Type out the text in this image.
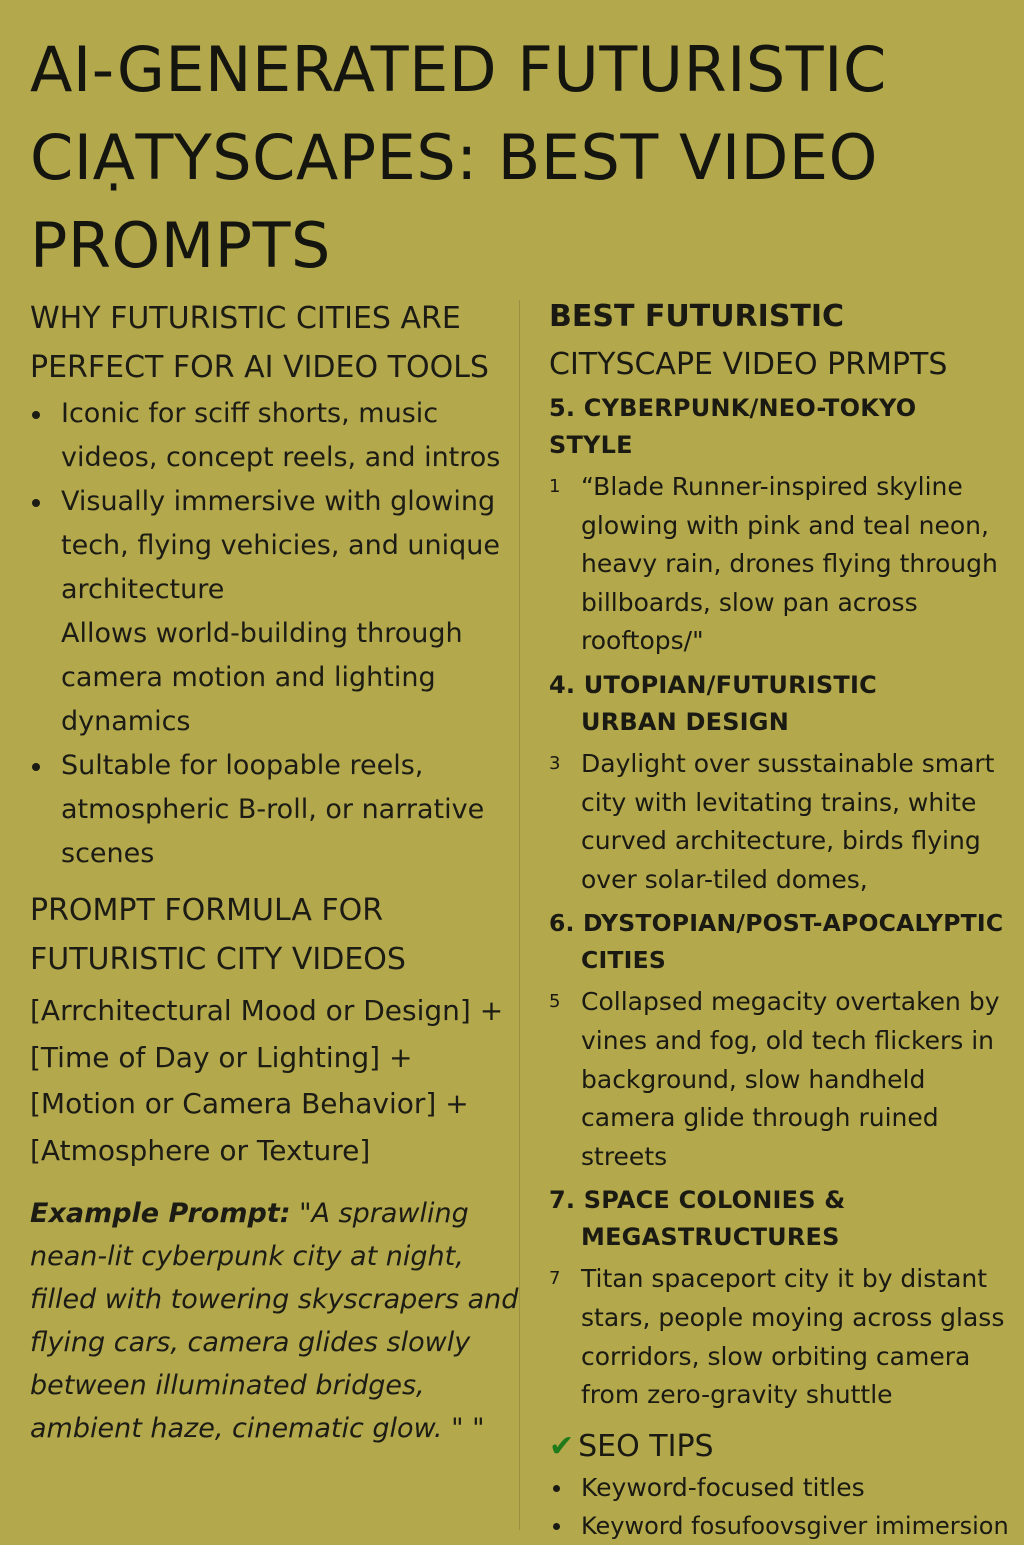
AI-GENERATED FUTURISTIC CIẠTYSCAPES: BEST VIDEO PROMPTS
WHY FUTURISTIC CITIES ARE PERFECT FOR AI VIDEO TOOLS
Iconic for sciff shorts, music videos, concept reels, and intros
Visually immersive with glowing tech, flying vehicies, and unique architecture
Allows world-building through camera motion and lighting dynamics
Sultable for loopable reels, atmospheric B-roll, or narrative scenes
PROMPT FORMULA FOR FUTURISTIC CITY VIDEOS
[Arrchitectural Mood or Design] +
[Time of Day or Lighting] +
[Motion or Camera Behavior] +
[Atmosphere or Texture]

Example Prompt: "A sprawling nean-lit cyberpunk city at night, filled with towering skyscrapers and flying cars, camera glides slowly between illuminated bridges, ambient haze, cinematic glow. " "

BEST FUTURISTIC
CITYSCAPE VIDEO PRMPTS
5. CYBERPUNK/NEO-TOKYO
STYLE
1 “Blade Runner-inspired skyline glowing with pink and teal neon, heavy rain, drones flying through billboards, slow pan across rooftops/"
4. UTOPIAN/FUTURISTIC
URBAN DESIGN
3 Daylight over susstainable smart city with levitating trains, white curved architecture, birds flying over solar-tiled domes,
6. DYSTOPIAN/POST-APOCALYPTIC
CITIES
5 Collapsed megacity overtaken by vines and fog, old tech flickers in background, slow handheld camera glide through ruined streets
7. SPACE COLONIES &
MEGASTRUCTURES
7 Titan spaceport city it by distant stars, people moying across glass corridors, slow orbiting camera from zero-gravity shuttle
✔ SEO TIPS
Keyword-focused titles
Keyword fosufoovsgiver imimersion
